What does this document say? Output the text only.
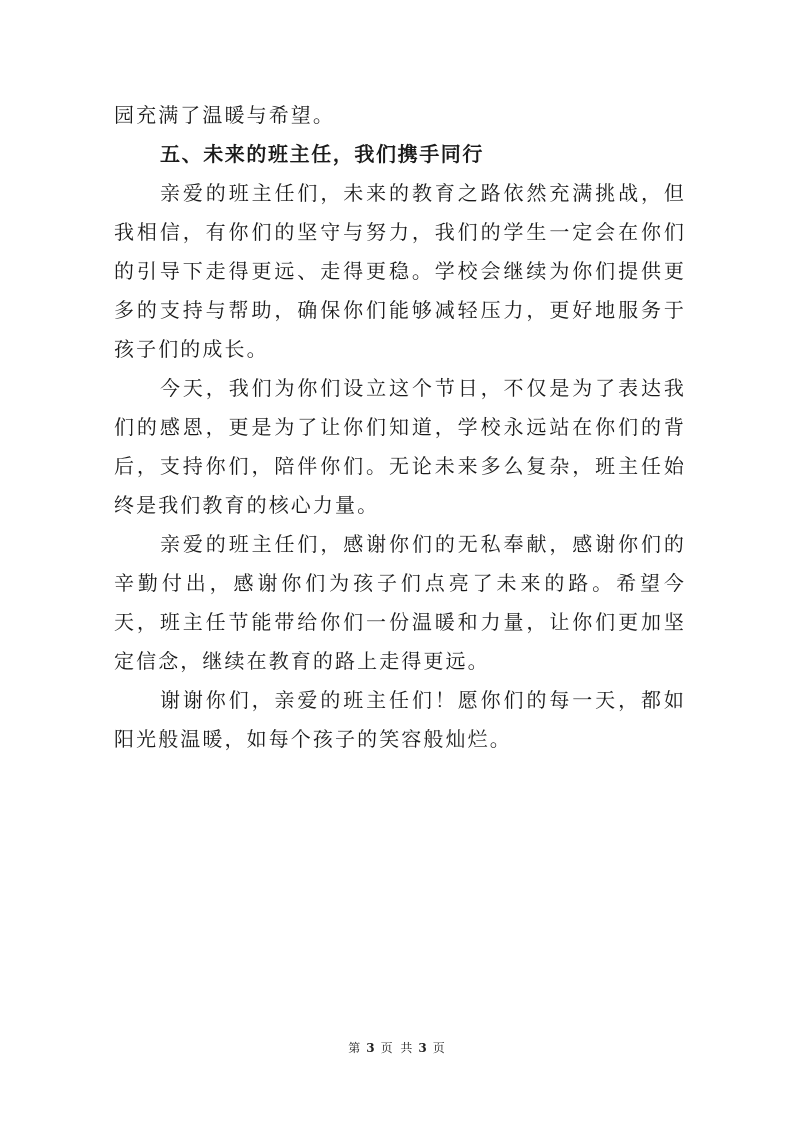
园充满了温暖与希望。

五、未来的班主任，我们携手同行

亲爱的班主任们，未来的教育之路依然充满挑战，但我相信，有你们的坚守与努力，我们的学生一定会在你们的引导下走得更远、走得更稳。学校会继续为你们提供更多的支持与帮助，确保你们能够减轻压力，更好地服务于孩子们的成长。

今天，我们为你们设立这个节日，不仅是为了表达我们的感恩，更是为了让你们知道，学校永远站在你们的背后，支持你们，陪伴你们。无论未来多么复杂，班主任始终是我们教育的核心力量。

亲爱的班主任们，感谢你们的无私奉献，感谢你们的辛勤付出，感谢你们为孩子们点亮了未来的路。希望今天，班主任节能带给你们一份温暖和力量，让你们更加坚定信念，继续在教育的路上走得更远。

谢谢你们，亲爱的班主任们！愿你们的每一天，都如阳光般温暖，如每个孩子的笑容般灿烂。

第 3 页 共 3 页
